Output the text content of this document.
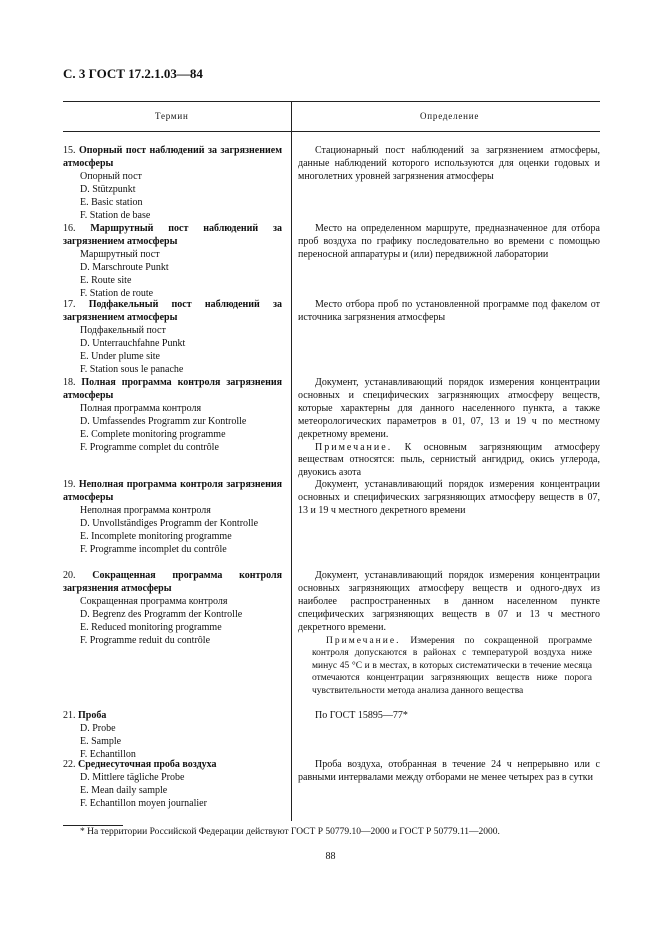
С. 3 ГОСТ 17.2.1.03—84
Термин	Определение
15. Опорный пост наблюдений за загрязнением атмосферы
Опорный пост
D. Stützpunkt
E. Basic station
F. Station de base

Стационарный пост наблюдений за загрязнением атмосферы, данные наблюдений которого используются для оценки годовых и многолетних уровней загрязнения атмосферы

16. Маршрутный пост наблюдений за загрязнением атмосферы
Маршрутный пост
D. Marschroute Punkt
E. Route site
F. Station de route

Место на определенном маршруте, предназначенное для отбора проб воздуха по графику последовательно во времени с помощью переносной аппаратуры и (или) передвижной лаборатории

17. Подфакельный пост наблюдений за загрязнением атмосферы
Подфакельный пост
D. Unterrauchfahne Punkt
E. Under plume site
F. Station sous le panache

Место отбора проб по установленной программе под факелом от источника загрязнения атмосферы

18. Полная программа контроля загрязнения атмосферы
Полная программа контроля
D. Umfassendes Programm zur Kontrolle
E. Complete monitoring programme
F. Programme complet du contrôle

Документ, устанавливающий порядок измерения концентрации основных и специфических загрязняющих атмосферу веществ, которые характерны для данного населенного пункта, а также метеорологических параметров в 01, 07, 13 и 19 ч по местному декретному времени.

Примечание. К основным загрязняющим атмосферу веществам относятся: пыль, сернистый ангидрид, окись углерода, двуокись азота

19. Неполная программа контроля загрязнения атмосферы
Неполная программа контроля
D. Unvollständiges Programm der Kontrolle
E. Incomplete monitoring programme
F. Programme incomplet du contrôle

Документ, устанавливающий порядок измерения концентрации основных и специфических загрязняющих атмосферу веществ в 07, 13 и 19 ч местного декретного времени

20. Сокращенная программа контроля загрязнения атмосферы
Сокращенная программа контроля
D. Begrenz des Programm der Kontrolle
E. Reduced monitoring programme
F. Programme reduit du contrôle

Документ, устанавливающий порядок измерения концентрации основных загрязняющих атмосферу веществ и одного-двух из наиболее распространенных в данном населенном пункте специфических загрязняющих веществ в 07 и 13 ч местного декретного времени.

Примечание. Измерения по сокращенной программе контроля допускаются в районах с температурой воздуха ниже минус 45 °С и в местах, в которых систематически в течение месяца отмечаются концентрации загрязняющих веществ ниже порога чувствительности метода анализа данного вещества

21. Проба
D. Probe
E. Sample
F. Echantillon

По ГОСТ 15895—77*

22. Среднесуточная проба воздуха
D. Mittlere tägliche Probe
E. Mean daily sample
F. Echantillon moyen journalier

Проба воздуха, отобранная в течение 24 ч непрерывно или с равными интервалами между отборами не менее четырех раз в сутки

* На территории Российской Федерации действуют ГОСТ Р 50779.10—2000 и ГОСТ Р 50779.11—2000.
88
